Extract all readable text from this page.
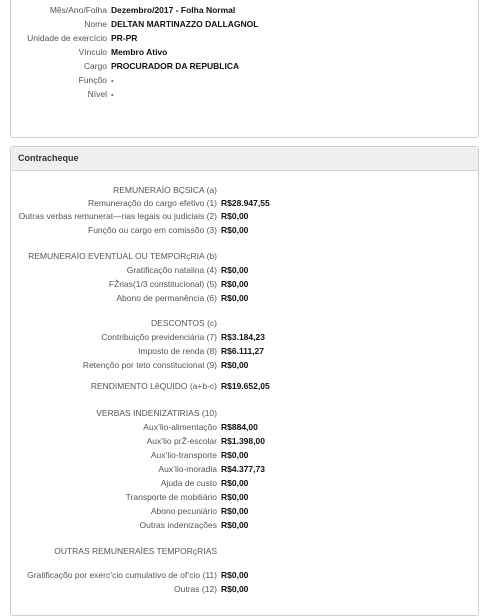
Mês/Ano/Folha Dezembro/2017 - Folha Normal
Nome DELTAN MARTINAZZO DALLAGNOL
Unidade de exercício PR-PR
Vínculo Membro Ativo
Cargo PROCURADOR DA REPUBLICA
Funçõo -
Nível -
Contracheque
REMUNERAÌO BÇSICA (a)
Remuneraçõo do cargo efetivo (1) R$28.947,55
Outras verbas remunerat—rias legais ou judiciais (2) R$0,00
Funçõo ou cargo em comissõo (3) R$0,00
REMUNERAÌO EVENTUAL OU TEMPORçRIA (b)
Gratificaçõo natalina (4) R$0,00
FŽrias(1/3 constitucional) (5) R$0,00
Abono de permanência (6) R$0,00
DESCONTOS (c)
Contribuiçõo previdenciária (7) R$3.184,23
Imposto de renda (8) R$6.111,27
Retençõo por teto constitucional (9) R$0,00
RENDIMENTO LêQUIDO (a+b-c) R$19.652,05
VERBAS INDENIZATîRIAS (10)
Aux’lio-alimentaçõo R$884,00
Aux’lio prŽ-escolar R$1.398,00
Aux’lio-transporte R$0,00
Aux’lio-moradia R$4.377,73
Ajuda de custo R$0,00
Transporte de mobiliário R$0,00
Abono pecuniário R$0,00
Outras indenizações R$0,00
OUTRAS REMUNERAÌES TEMPORçRIAS
Gratificaçõo por exerc’cio cumulativo de of’cio (11) R$0,00
Outras (12) R$0,00
